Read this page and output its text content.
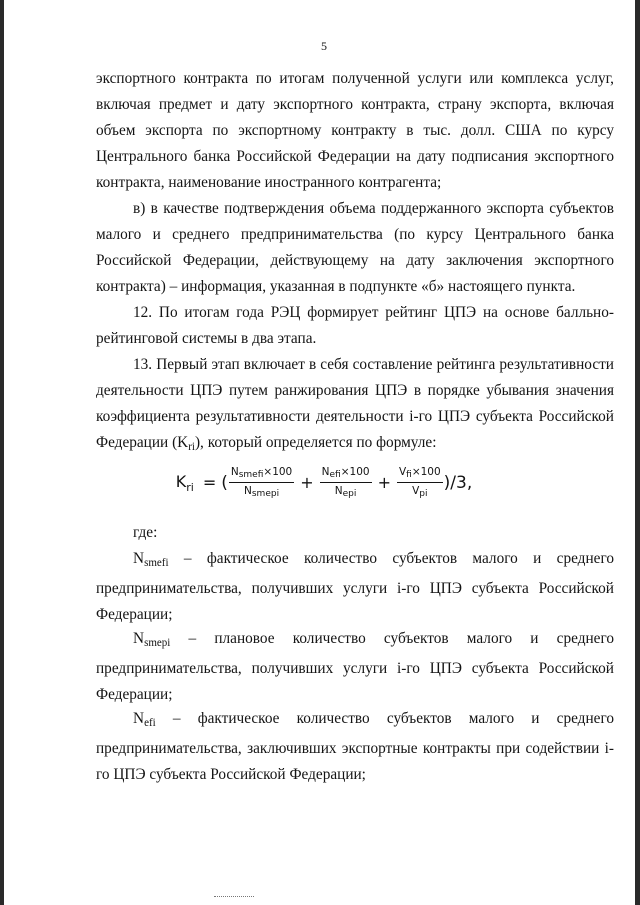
5
экспортного контракта по итогам полученной услуги или комплекса услуг, включая предмет и дату экспортного контракта, страну экспорта, включая объем экспорта по экспортному контракту в тыс. долл. США по курсу Центрального банка Российской Федерации на дату подписания экспортного контракта, наименование иностранного контрагента;
в) в качестве подтверждения объема поддержанного экспорта субъектов малого и среднего предпринимательства (по курсу Центрального банка Российской Федерации, действующему на дату заключения экспортного контракта) – информация, указанная в подпункте «б» настоящего пункта.
12. По итогам года РЭЦ формирует рейтинг ЦПЭ на основе балльно-рейтинговой системы в два этапа.
13. Первый этап включает в себя составление рейтинга результативности деятельности ЦПЭ путем ранжирования ЦПЭ в порядке убывания значения коэффициента результативности деятельности i-го ЦПЭ субъекта Российской Федерации $(K_{ri})$, который определяется по формуле:
$K_{ri}$ = ( $\frac{\text{Nsmefi×100}}{\text{Nsmepi}} + \frac{\text{Nefi×100}}{\text{Nepi}} + \frac{\text{Vfi×100}}{\text{Vpi}} )/3$,
где:
$N_{smefi}$ – фактическое количество субъектов малого и среднего предпринимательства, получивших услуги i-го ЦПЭ субъекта Российской Федерации;
$N_{smepi}$ – плановое количество субъектов малого и среднего предпринимательства, получивших услуги i-го ЦПЭ субъекта Российской Федерации;
$N_{efi}$ – фактическое количество субъектов малого и среднего предпринимательства, заключивших экспортные контракты при содействии i-го ЦПЭ субъекта Российской Федерации;
